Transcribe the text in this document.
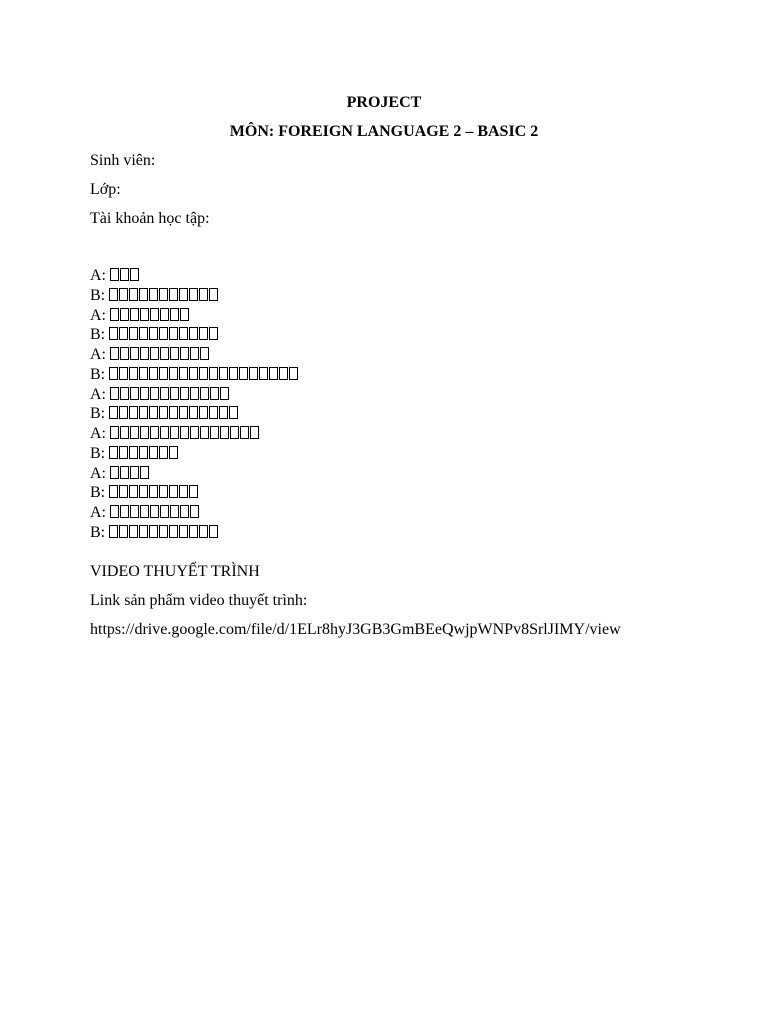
PROJECT
MÔN: FOREIGN LANGUAGE 2 – BASIC 2
Sinh viên:
Lớp:
Tài khoản học tập:
A:
B:
A:
B:
A:
B:
A:
B:
A:
B:
A:
B:
A:
B:
VIDEO THUYẾT TRÌNH
Link sản phẩm video thuyết trình:
https://drive.google.com/file/d/1ELr8hyJ3GB3GmBEeQwjpWNPv8SrlJIMY/view
